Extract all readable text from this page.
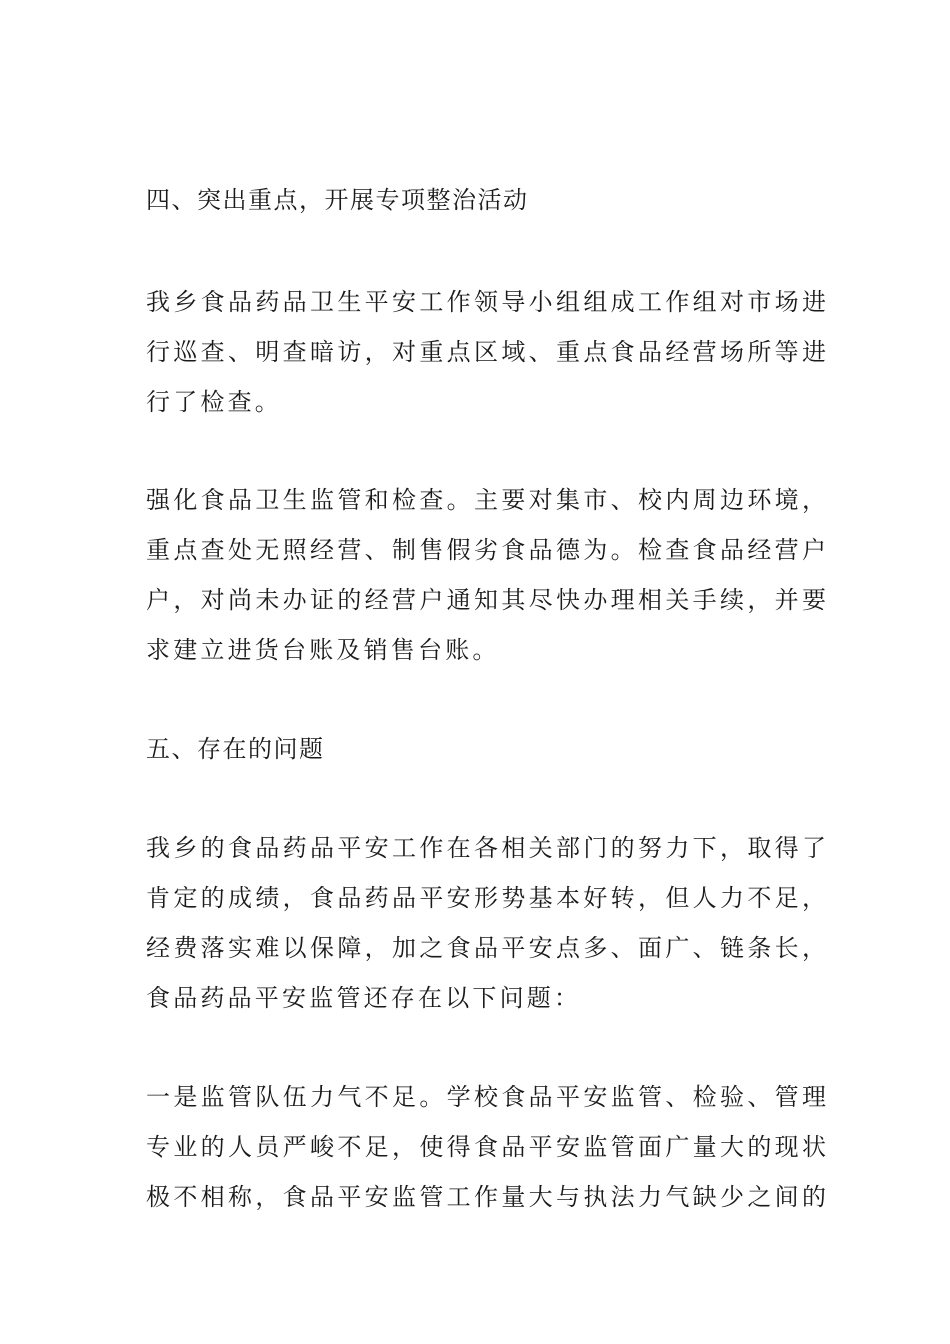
四、突出重点，开展专项整治活动
我乡食品药品卫生平安工作领导小组组成工作组对市场进
行巡查、明查暗访，对重点区域、重点食品经营场所等进
行了检查。
强化食品卫生监管和检查。主要对集市、校内周边环境，
重点查处无照经营、制售假劣食品德为。检查食品经营户
户，对尚未办证的经营户通知其尽快办理相关手续，并要
求建立进货台账及销售台账。
五、存在的问题
我乡的食品药品平安工作在各相关部门的努力下，取得了
肯定的成绩，食品药品平安形势基本好转，但人力不足，
经费落实难以保障，加之食品平安点多、面广、链条长，
食品药品平安监管还存在以下问题：
一是监管队伍力气不足。学校食品平安监管、检验、管理
专业的人员严峻不足，使得食品平安监管面广量大的现状
极不相称，食品平安监管工作量大与执法力气缺少之间的
